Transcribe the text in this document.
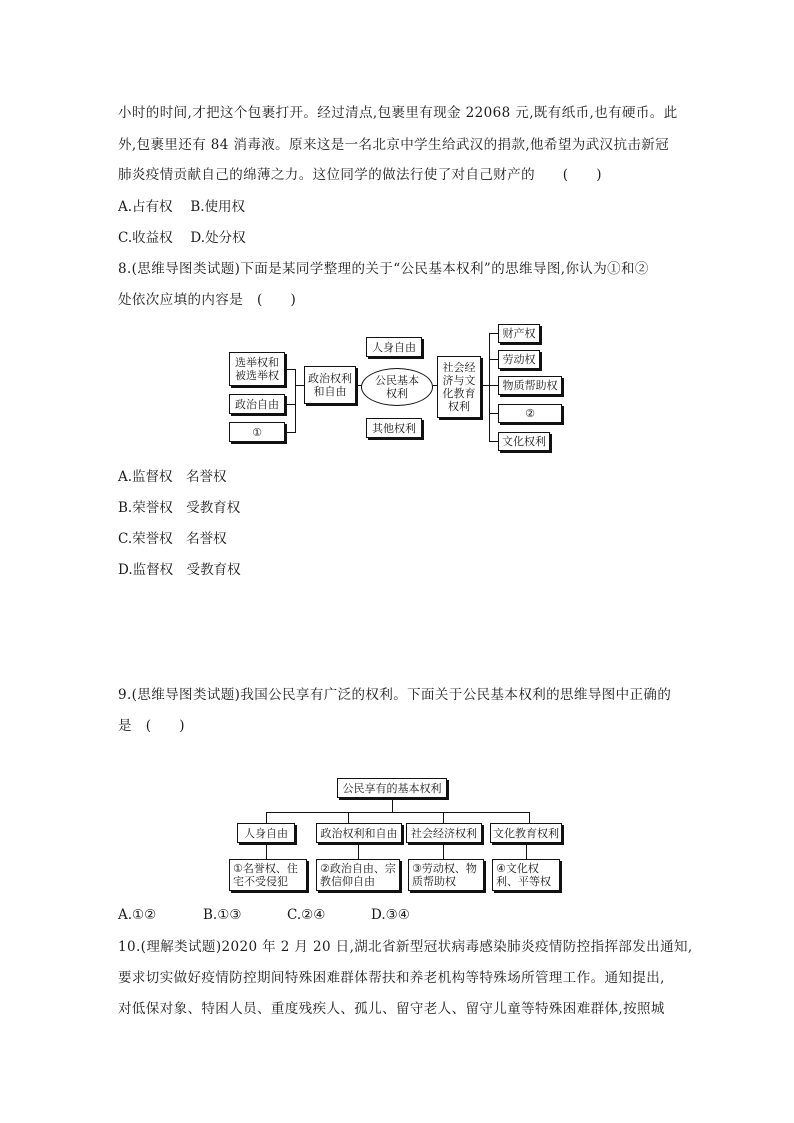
小时的时间,才把这个包裹打开。经过清点,包裹里有现金 22068 元,既有纸币,也有硬币。此
外,包裹里还有 84 消毒液。原来这是一名北京中学生给武汉的捐款,他希望为武汉抗击新冠
肺炎疫情贡献自己的绵薄之力。这位同学的做法行使了对自己财产的　　(　　)
A.占有权　 B.使用权
C.收益权　 D.处分权
8.(思维导图类试题)下面是某同学整理的关于“公民基本权利”的思维导图,你认为①和②
处依次应填的内容是　(　　)
选举权和被选举权
政治自由
①
政治权利和自由
公民基本权利
人身自由
其他权利
社会经济与文化教育权利
财产权
劳动权
物质帮助权
②
文化权利
A.监督权　名誉权
B.荣誉权　受教育权
C.荣誉权　名誉权
D.监督权　受教育权
9.(思维导图类试题)我国公民享有广泛的权利。下面关于公民基本权利的思维导图中正确的
是　(　　)
公民享有的基本权利
人身自由	政治权利和自由	社会经济权利	文化教育权利
①名誉权、住宅不受侵犯
②政治自由、宗教信仰自由
③劳动权、物质帮助权
④文化权利、平等权
A.①②	B.①③	C.②④	D.③④
10.(理解类试题)2020 年 2 月 20 日,湖北省新型冠状病毒感染肺炎疫情防控指挥部发出通知,
要求切实做好疫情防控期间特殊困难群体帮扶和养老机构等特殊场所管理工作。通知提出,
对低保对象、特困人员、重度残疾人、孤儿、留守老人、留守儿童等特殊困难群体,按照城
